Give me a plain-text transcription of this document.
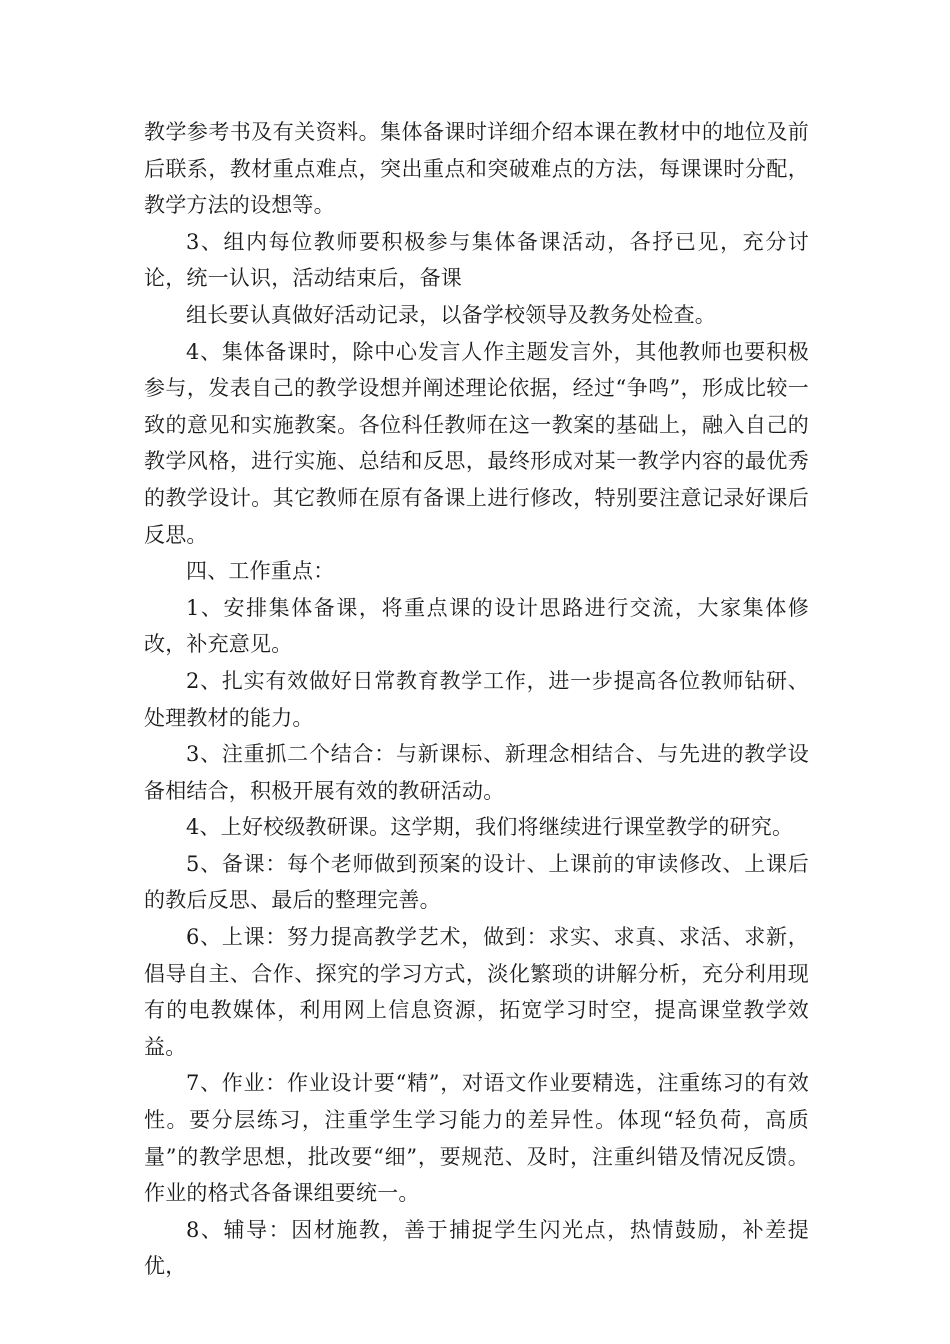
教学参考书及有关资料。集体备课时详细介绍本课在教材中的地位及前后联系，教材重点难点，突出重点和突破难点的方法，每课课时分配，教学方法的设想等。

3、组内每位教师要积极参与集体备课活动，各抒已见，充分讨论，统一认识，活动结束后，备课

组长要认真做好活动记录，以备学校领导及教务处检查。

4、集体备课时，除中心发言人作主题发言外，其他教师也要积极参与，发表自己的教学设想并阐述理论依据，经过“争鸣”，形成比较一致的意见和实施教案。各位科任教师在这一教案的基础上，融入自己的教学风格，进行实施、总结和反思，最终形成对某一教学内容的最优秀的教学设计。其它教师在原有备课上进行修改，特别要注意记录好课后反思。

四、工作重点：

1、安排集体备课，将重点课的设计思路进行交流，大家集体修改，补充意见。

2、扎实有效做好日常教育教学工作，进一步提高各位教师钻研、处理教材的能力。

3、注重抓二个结合：与新课标、新理念相结合、与先进的教学设备相结合，积极开展有效的教研活动。

4、上好校级教研课。这学期，我们将继续进行课堂教学的研究。

5、备课：每个老师做到预案的设计、上课前的审读修改、上课后的教后反思、最后的整理完善。

6、上课：努力提高教学艺术，做到：求实、求真、求活、求新，倡导自主、合作、探究的学习方式，淡化繁琐的讲解分析，充分利用现有的电教媒体，利用网上信息资源，拓宽学习时空，提高课堂教学效益。

7、作业：作业设计要“精”，对语文作业要精选，注重练习的有效性。要分层练习，注重学生学习能力的差异性。体现“轻负荷，高质量”的教学思想，批改要“细”，要规范、及时，注重纠错及情况反馈。作业的格式各备课组要统一。

8、辅导：因材施教，善于捕捉学生闪光点，热情鼓励，补差提优，
